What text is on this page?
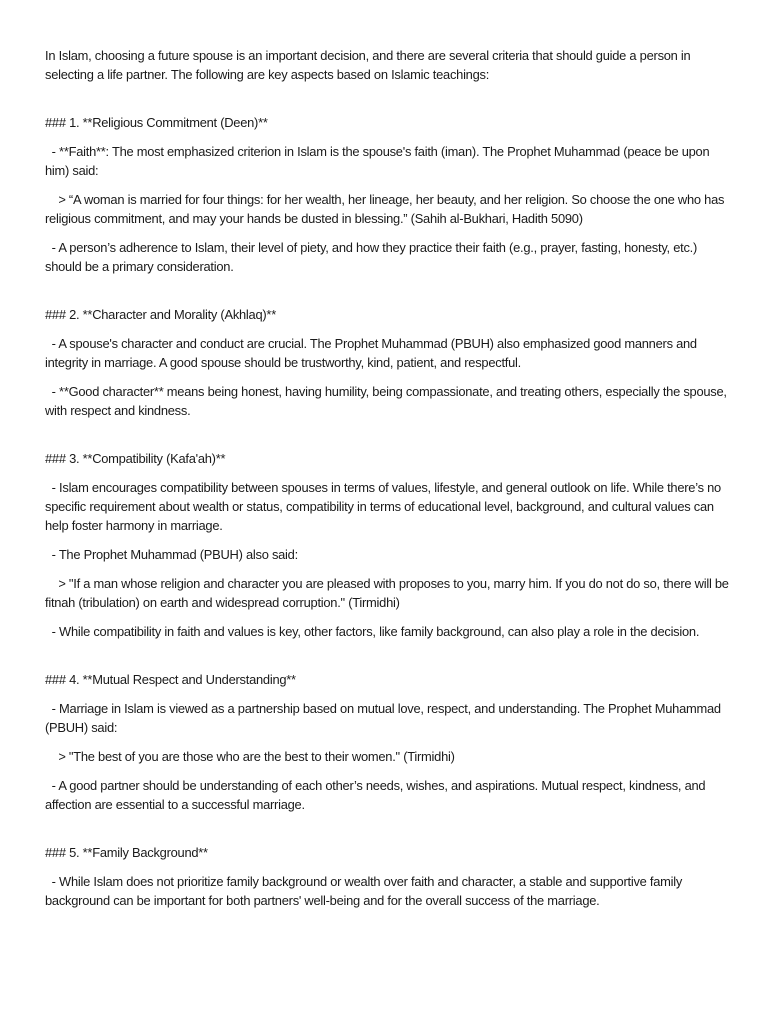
In Islam, choosing a future spouse is an important decision, and there are several criteria that should guide a person in selecting a life partner. The following are key aspects based on Islamic teachings:

### 1. **Religious Commitment (Deen)**

- **Faith**: The most emphasized criterion in Islam is the spouse's faith (iman). The Prophet Muhammad (peace be upon him) said:

> “A woman is married for four things: for her wealth, her lineage, her beauty, and her religion. So choose the one who has religious commitment, and may your hands be dusted in blessing.” (Sahih al-Bukhari, Hadith 5090)

- A person’s adherence to Islam, their level of piety, and how they practice their faith (e.g., prayer, fasting, honesty, etc.) should be a primary consideration.

### 2. **Character and Morality (Akhlaq)**

- A spouse's character and conduct are crucial. The Prophet Muhammad (PBUH) also emphasized good manners and integrity in marriage. A good spouse should be trustworthy, kind, patient, and respectful.

- **Good character** means being honest, having humility, being compassionate, and treating others, especially the spouse, with respect and kindness.

### 3. **Compatibility (Kafa'ah)**

- Islam encourages compatibility between spouses in terms of values, lifestyle, and general outlook on life. While there’s no specific requirement about wealth or status, compatibility in terms of educational level, background, and cultural values can help foster harmony in marriage.

- The Prophet Muhammad (PBUH) also said:

> "If a man whose religion and character you are pleased with proposes to you, marry him. If you do not do so, there will be fitnah (tribulation) on earth and widespread corruption." (Tirmidhi)

- While compatibility in faith and values is key, other factors, like family background, can also play a role in the decision.

### 4. **Mutual Respect and Understanding**

- Marriage in Islam is viewed as a partnership based on mutual love, respect, and understanding. The Prophet Muhammad (PBUH) said:

> "The best of you are those who are the best to their women." (Tirmidhi)

- A good partner should be understanding of each other’s needs, wishes, and aspirations. Mutual respect, kindness, and affection are essential to a successful marriage.

### 5. **Family Background**

- While Islam does not prioritize family background or wealth over faith and character, a stable and supportive family background can be important for both partners' well-being and for the overall success of the marriage.
